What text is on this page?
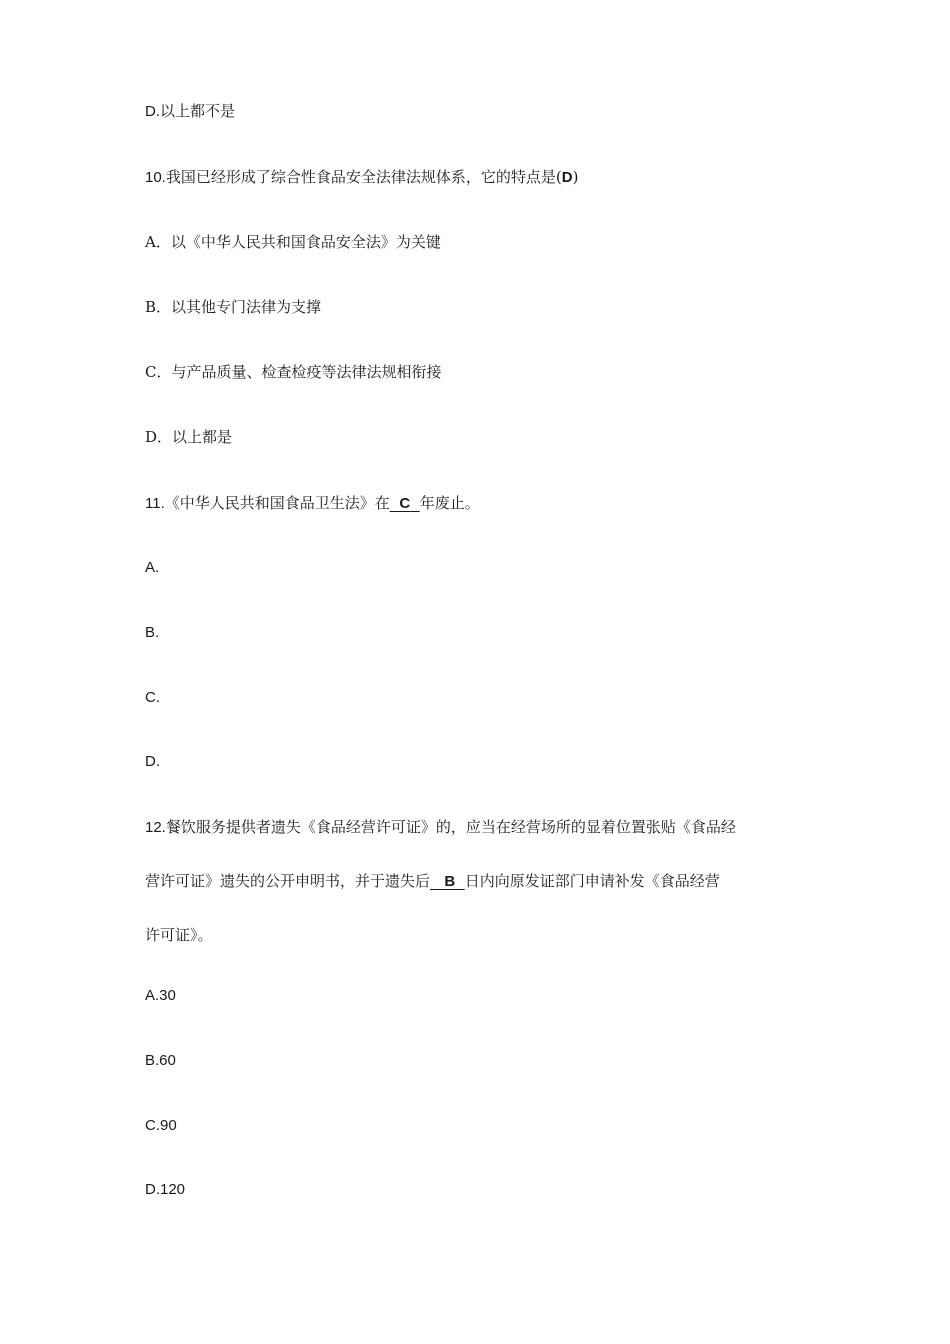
D.以上都不是
10.我国已经形成了综合性食品安全法律法规体系，它的特点是(D)
A．以《中华人民共和国食品安全法》为关键
B．以其他专门法律为支撑
C．与产品质量、检查检疫等法律法规相衔接
D．以上都是
11.《中华人民共和国食品卫生法》在 C 年废止。
A.
B.
C.
D.
12.餐饮服务提供者遗失《食品经营许可证》的，应当在经营场所的显着位置张贴《食品经
营许可证》遗失的公开申明书，并于遗失后 B 日内向原发证部门申请补发《食品经营
许可证》。
A.30
B.60
C.90
D.120
